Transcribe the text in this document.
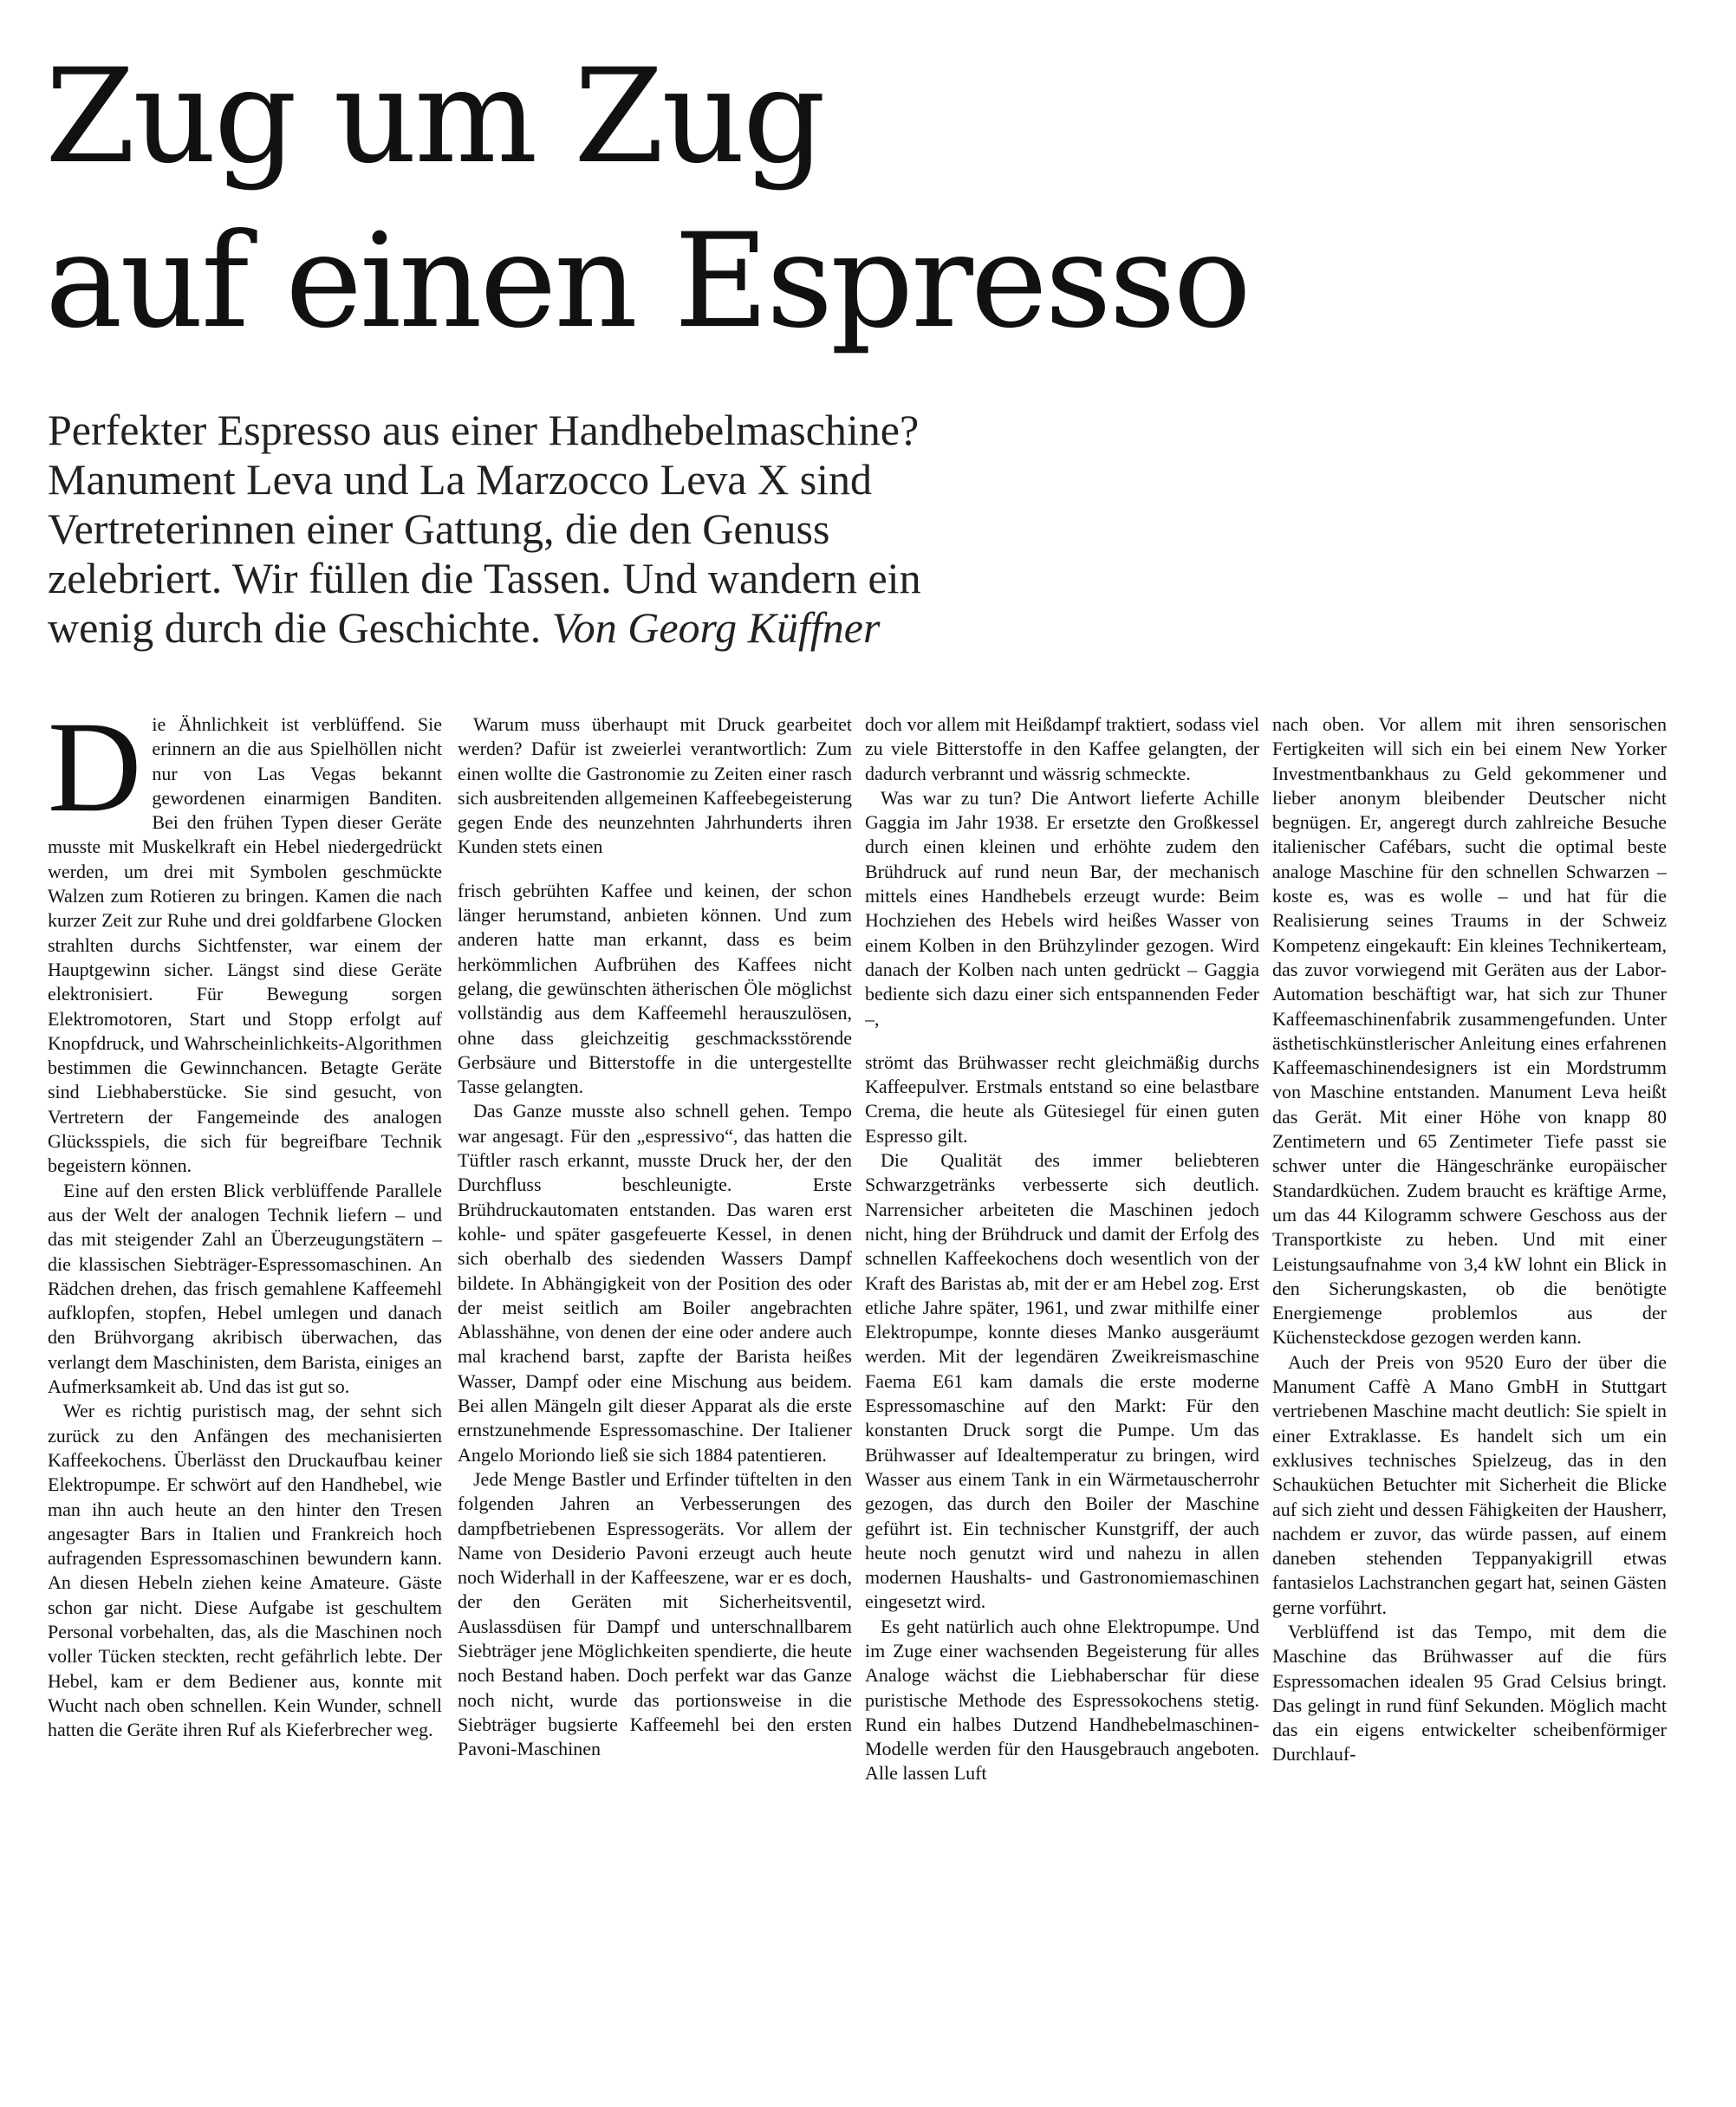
Zug um Zug
auf einen Espresso
Perfekter Espresso aus einer Handhebelmaschine?
Manument Leva und La Marzocco Leva X sind
Vertreterinnen einer Gattung, die den Genuss
zelebriert. Wir füllen die Tassen. Und wandern ein
wenig durch die Geschichte. Von Georg Küffner

Die Ähnlichkeit ist verblüffend. Sie erinnern an die aus Spielhöllen nicht nur von Las Vegas bekannt gewordenen einarmigen Banditen. Bei den frühen Typen dieser Geräte musste mit Muskelkraft ein Hebel niedergedrückt werden, um drei mit Symbolen geschmückte Walzen zum Rotieren zu bringen. Kamen die nach kurzer Zeit zur Ruhe und drei goldfarbene Glocken strahlten durchs Sichtfenster, war einem der Hauptgewinn sicher. Längst sind diese Geräte elektronisiert. Für Bewegung sorgen Elektromotoren, Start und Stopp erfolgt auf Knopfdruck, und Wahrscheinlichkeits-Algorithmen bestimmen die Gewinnchancen. Betagte Geräte sind Liebhaberstücke. Sie sind gesucht, von Vertretern der Fangemeinde des analogen Glücksspiels, die sich für begreifbare Technik begeistern können.

Eine auf den ersten Blick verblüffende Parallele aus der Welt der analogen Technik liefern – und das mit steigender Zahl an Überzeugungstätern – die klassischen Siebträger-Espressomaschinen. An Rädchen drehen, das frisch gemahlene Kaffeemehl aufklopfen, stopfen, Hebel umlegen und danach den Brühvorgang akribisch überwachen, das verlangt dem Maschinisten, dem Barista, einiges an Aufmerksamkeit ab. Und das ist gut so.

Wer es richtig puristisch mag, der sehnt sich zurück zu den Anfängen des mechanisierten Kaffeekochens. Überlässt den Druckaufbau keiner Elektropumpe. Er schwört auf den Handhebel, wie man ihn auch heute an den hinter den Tresen angesagter Bars in Italien und Frankreich hoch aufragenden Espressomaschinen bewundern kann. An diesen Hebeln ziehen keine Amateure. Gäste schon gar nicht. Diese Aufgabe ist geschultem Personal vorbehalten, das, als die Maschinen noch voller Tücken steckten, recht gefährlich lebte. Der Hebel, kam er dem Bediener aus, konnte mit Wucht nach oben schnellen. Kein Wunder, schnell hatten die Geräte ihren Ruf als Kieferbrecher weg.

Warum muss überhaupt mit Druck gearbeitet werden? Dafür ist zweierlei verantwortlich: Zum einen wollte die Gastronomie zu Zeiten einer rasch sich ausbreitenden allgemeinen Kaffeebegeisterung gegen Ende des neunzehnten Jahrhunderts ihren Kunden stets einen

frisch gebrühten Kaffee und keinen, der schon länger herumstand, anbieten können. Und zum anderen hatte man erkannt, dass es beim herkömmlichen Aufbrühen des Kaffees nicht gelang, die gewünschten ätherischen Öle möglichst vollständig aus dem Kaffeemehl herauszulösen, ohne dass gleichzeitig geschmacksstörende Gerbsäure und Bitterstoffe in die untergestellte Tasse gelangten.

Das Ganze musste also schnell gehen. Tempo war angesagt. Für den „espressivo“, das hatten die Tüftler rasch erkannt, musste Druck her, der den Durchfluss beschleunigte. Erste Brühdruckautomaten entstanden. Das waren erst kohle- und später gasgefeuerte Kessel, in denen sich oberhalb des siedenden Wassers Dampf bildete. In Abhängigkeit von der Position des oder der meist seitlich am Boiler angebrachten Ablasshähne, von denen der eine oder andere auch mal krachend barst, zapfte der Barista heißes Wasser, Dampf oder eine Mischung aus beidem. Bei allen Mängeln gilt dieser Apparat als die erste ernstzunehmende Espressomaschine. Der Italiener Angelo Moriondo ließ sie sich 1884 patentieren.

Jede Menge Bastler und Erfinder tüftelten in den folgenden Jahren an Verbesserungen des dampfbetriebenen Espressogeräts. Vor allem der Name von Desiderio Pavoni erzeugt auch heute noch Widerhall in der Kaffeeszene, war er es doch, der den Geräten mit Sicherheitsventil, Auslassdüsen für Dampf und unterschnallbarem Siebträger jene Möglichkeiten spendierte, die heute noch Bestand haben. Doch perfekt war das Ganze noch nicht, wurde das portionsweise in die Siebträger bugsierte Kaffeemehl bei den ersten Pavoni-Maschinen

doch vor allem mit Heißdampf traktiert, sodass viel zu viele Bitterstoffe in den Kaffee gelangten, der dadurch verbrannt und wässrig schmeckte.

Was war zu tun? Die Antwort lieferte Achille Gaggia im Jahr 1938. Er ersetzte den Großkessel durch einen kleinen und erhöhte zudem den Brühdruck auf rund neun Bar, der mechanisch mittels eines Handhebels erzeugt wurde: Beim Hochziehen des Hebels wird heißes Wasser von einem Kolben in den Brühzylinder gezogen. Wird danach der Kolben nach unten gedrückt – Gaggia bediente sich dazu einer sich entspannenden Feder –,

strömt das Brühwasser recht gleichmäßig durchs Kaffeepulver. Erstmals entstand so eine belastbare Crema, die heute als Gütesiegel für einen guten Espresso gilt.

Die Qualität des immer beliebteren Schwarzgetränks verbesserte sich deutlich. Narrensicher arbeiteten die Maschinen jedoch nicht, hing der Brühdruck und damit der Erfolg des schnellen Kaffeekochens doch wesentlich von der Kraft des Baristas ab, mit der er am Hebel zog. Erst etliche Jahre später, 1961, und zwar mithilfe einer Elektropumpe, konnte dieses Manko ausgeräumt werden. Mit der legendären Zweikreismaschine Faema E61 kam damals die erste moderne Espressomaschine auf den Markt: Für den konstanten Druck sorgt die Pumpe. Um das Brühwasser auf Idealtemperatur zu bringen, wird Wasser aus einem Tank in ein Wärmetauscherrohr gezogen, das durch den Boiler der Maschine geführt ist. Ein technischer Kunstgriff, der auch heute noch genutzt wird und nahezu in allen modernen Haushalts- und Gastronomiemaschinen eingesetzt wird.

Es geht natürlich auch ohne Elektropumpe. Und im Zuge einer wachsenden Begeisterung für alles Analoge wächst die Liebhaberschar für diese puristische Methode des Espressokochens stetig. Rund ein halbes Dutzend Handhebelmaschinen-Modelle werden für den Hausgebrauch angeboten. Alle lassen Luft

nach oben. Vor allem mit ihren sensorischen Fertigkeiten will sich ein bei einem New Yorker Investmentbankhaus zu Geld gekommener und lieber anonym bleibender Deutscher nicht begnügen. Er, angeregt durch zahlreiche Besuche italienischer Cafébars, sucht die optimal beste analoge Maschine für den schnellen Schwarzen – koste es, was es wolle – und hat für die Realisierung seines Traums in der Schweiz Kompetenz eingekauft: Ein kleines Technikerteam, das zuvor vorwiegend mit Geräten aus der Labor-Automation beschäftigt war, hat sich zur Thuner Kaffeemaschinenfabrik zusammengefunden. Unter ästhetischkünstlerischer Anleitung eines erfahrenen Kaffeemaschinendesigners ist ein Mordstrumm von Maschine entstanden. Manument Leva heißt das Gerät. Mit einer Höhe von knapp 80 Zentimetern und 65 Zentimeter Tiefe passt sie schwer unter die Hängeschränke europäischer Standardküchen. Zudem braucht es kräftige Arme, um das 44 Kilogramm schwere Geschoss aus der Transportkiste zu heben. Und mit einer Leistungsaufnahme von 3,4 kW lohnt ein Blick in den Sicherungskasten, ob die benötigte Energiemenge problemlos aus der Küchensteckdose gezogen werden kann.

Auch der Preis von 9520 Euro der über die Manument Caffè A Mano GmbH in Stuttgart vertriebenen Maschine macht deutlich: Sie spielt in einer Extraklasse. Es handelt sich um ein exklusives technisches Spielzeug, das in den Schauküchen Betuchter mit Sicherheit die Blicke auf sich zieht und dessen Fähigkeiten der Hausherr, nachdem er zuvor, das würde passen, auf einem daneben stehenden Teppanyakigrill etwas fantasielos Lachstranchen gegart hat, seinen Gästen gerne vorführt.

Verblüffend ist das Tempo, mit dem die Maschine das Brühwasser auf die fürs Espressomachen idealen 95 Grad Celsius bringt. Das gelingt in rund fünf Sekunden. Möglich macht das ein eigens entwickelter scheibenförmiger Durchlauf-
